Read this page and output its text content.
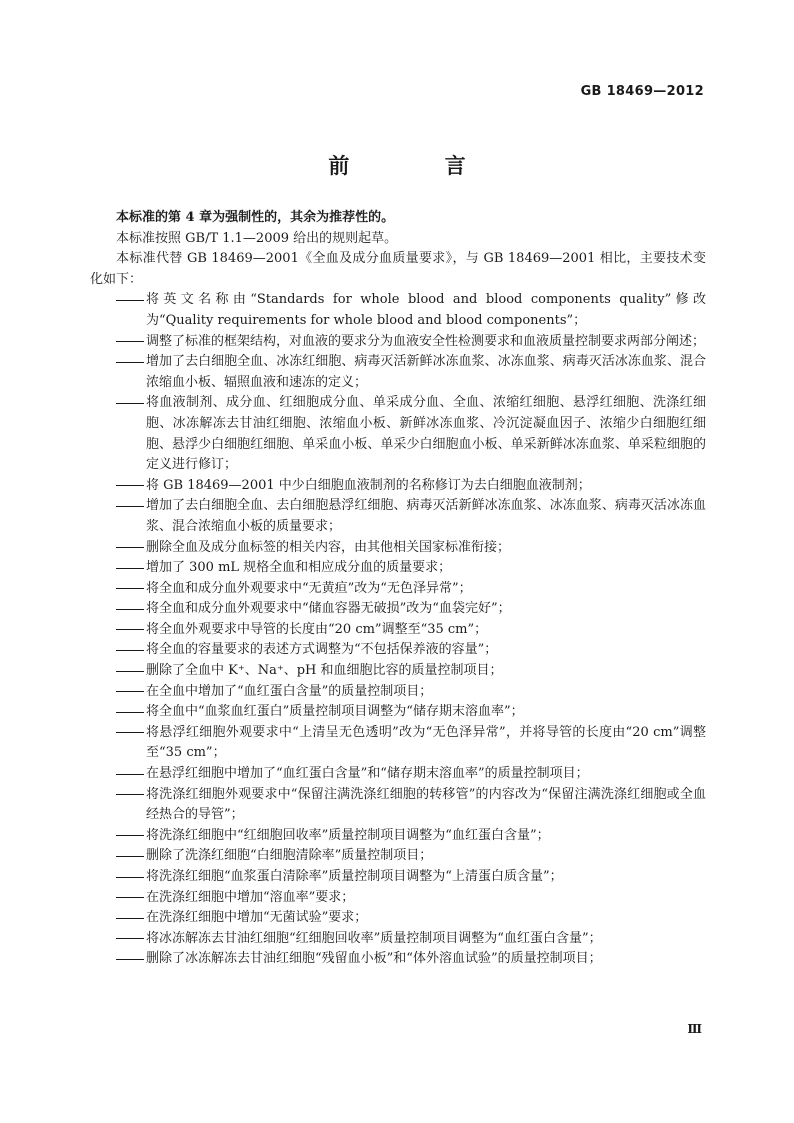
GB 18469—2012
前 言

本标准的第 4 章为强制性的，其余为推荐性的。

本标准按照 GB/T 1.1—2009 给出的规则起草。

本标准代替 GB 18469—2001《全血及成分血质量要求》，与 GB 18469—2001 相比，主要技术变化如下：

将英文名称由“Standards for whole blood and blood components quality”修改为“Quality requirements for whole blood and blood components”；
调整了标准的框架结构，对血液的要求分为血液安全性检测要求和血液质量控制要求两部分阐述；
增加了去白细胞全血、冰冻红细胞、病毒灭活新鲜冰冻血浆、冰冻血浆、病毒灭活冰冻血浆、混合浓缩血小板、辐照血液和速冻的定义；
将血液制剂、成分血、红细胞成分血、单采成分血、全血、浓缩红细胞、悬浮红细胞、洗涤红细胞、冰冻解冻去甘油红细胞、浓缩血小板、新鲜冰冻血浆、冷沉淀凝血因子、浓缩少白细胞红细胞、悬浮少白细胞红细胞、单采血小板、单采少白细胞血小板、单采新鲜冰冻血浆、单采粒细胞的定义进行修订；
将 GB 18469—2001 中少白细胞血液制剂的名称修订为去白细胞血液制剂；
增加了去白细胞全血、去白细胞悬浮红细胞、病毒灭活新鲜冰冻血浆、冰冻血浆、病毒灭活冰冻血浆、混合浓缩血小板的质量要求；
删除全血及成分血标签的相关内容，由其他相关国家标准衔接；
增加了 300 mL 规格全血和相应成分血的质量要求；
将全血和成分血外观要求中“无黄疸”改为“无色泽异常”；
将全血和成分血外观要求中“储血容器无破损”改为“血袋完好”；
将全血外观要求中导管的长度由“20 cm”调整至“35 cm”；
将全血的容量要求的表述方式调整为“不包括保养液的容量”；
删除了全血中 K⁺、Na⁺、pH 和血细胞比容的质量控制项目；
在全血中增加了“血红蛋白含量”的质量控制项目；
将全血中“血浆血红蛋白”质量控制项目调整为“储存期末溶血率”；
将悬浮红细胞外观要求中“上清呈无色透明”改为“无色泽异常”，并将导管的长度由“20 cm”调整至“35 cm”；
在悬浮红细胞中增加了“血红蛋白含量”和“储存期末溶血率”的质量控制项目；
将洗涤红细胞外观要求中“保留注满洗涤红细胞的转移管”的内容改为“保留注满洗涤红细胞或全血经热合的导管”；
将洗涤红细胞中“红细胞回收率”质量控制项目调整为“血红蛋白含量”；
删除了洗涤红细胞“白细胞清除率”质量控制项目；
将洗涤红细胞“血浆蛋白清除率”质量控制项目调整为“上清蛋白质含量”；
在洗涤红细胞中增加“溶血率”要求；
在洗涤红细胞中增加“无菌试验”要求；
将冰冻解冻去甘油红细胞“红细胞回收率”质量控制项目调整为“血红蛋白含量”；
删除了冰冻解冻去甘油红细胞“残留血小板”和“体外溶血试验”的质量控制项目；
Ⅲ
